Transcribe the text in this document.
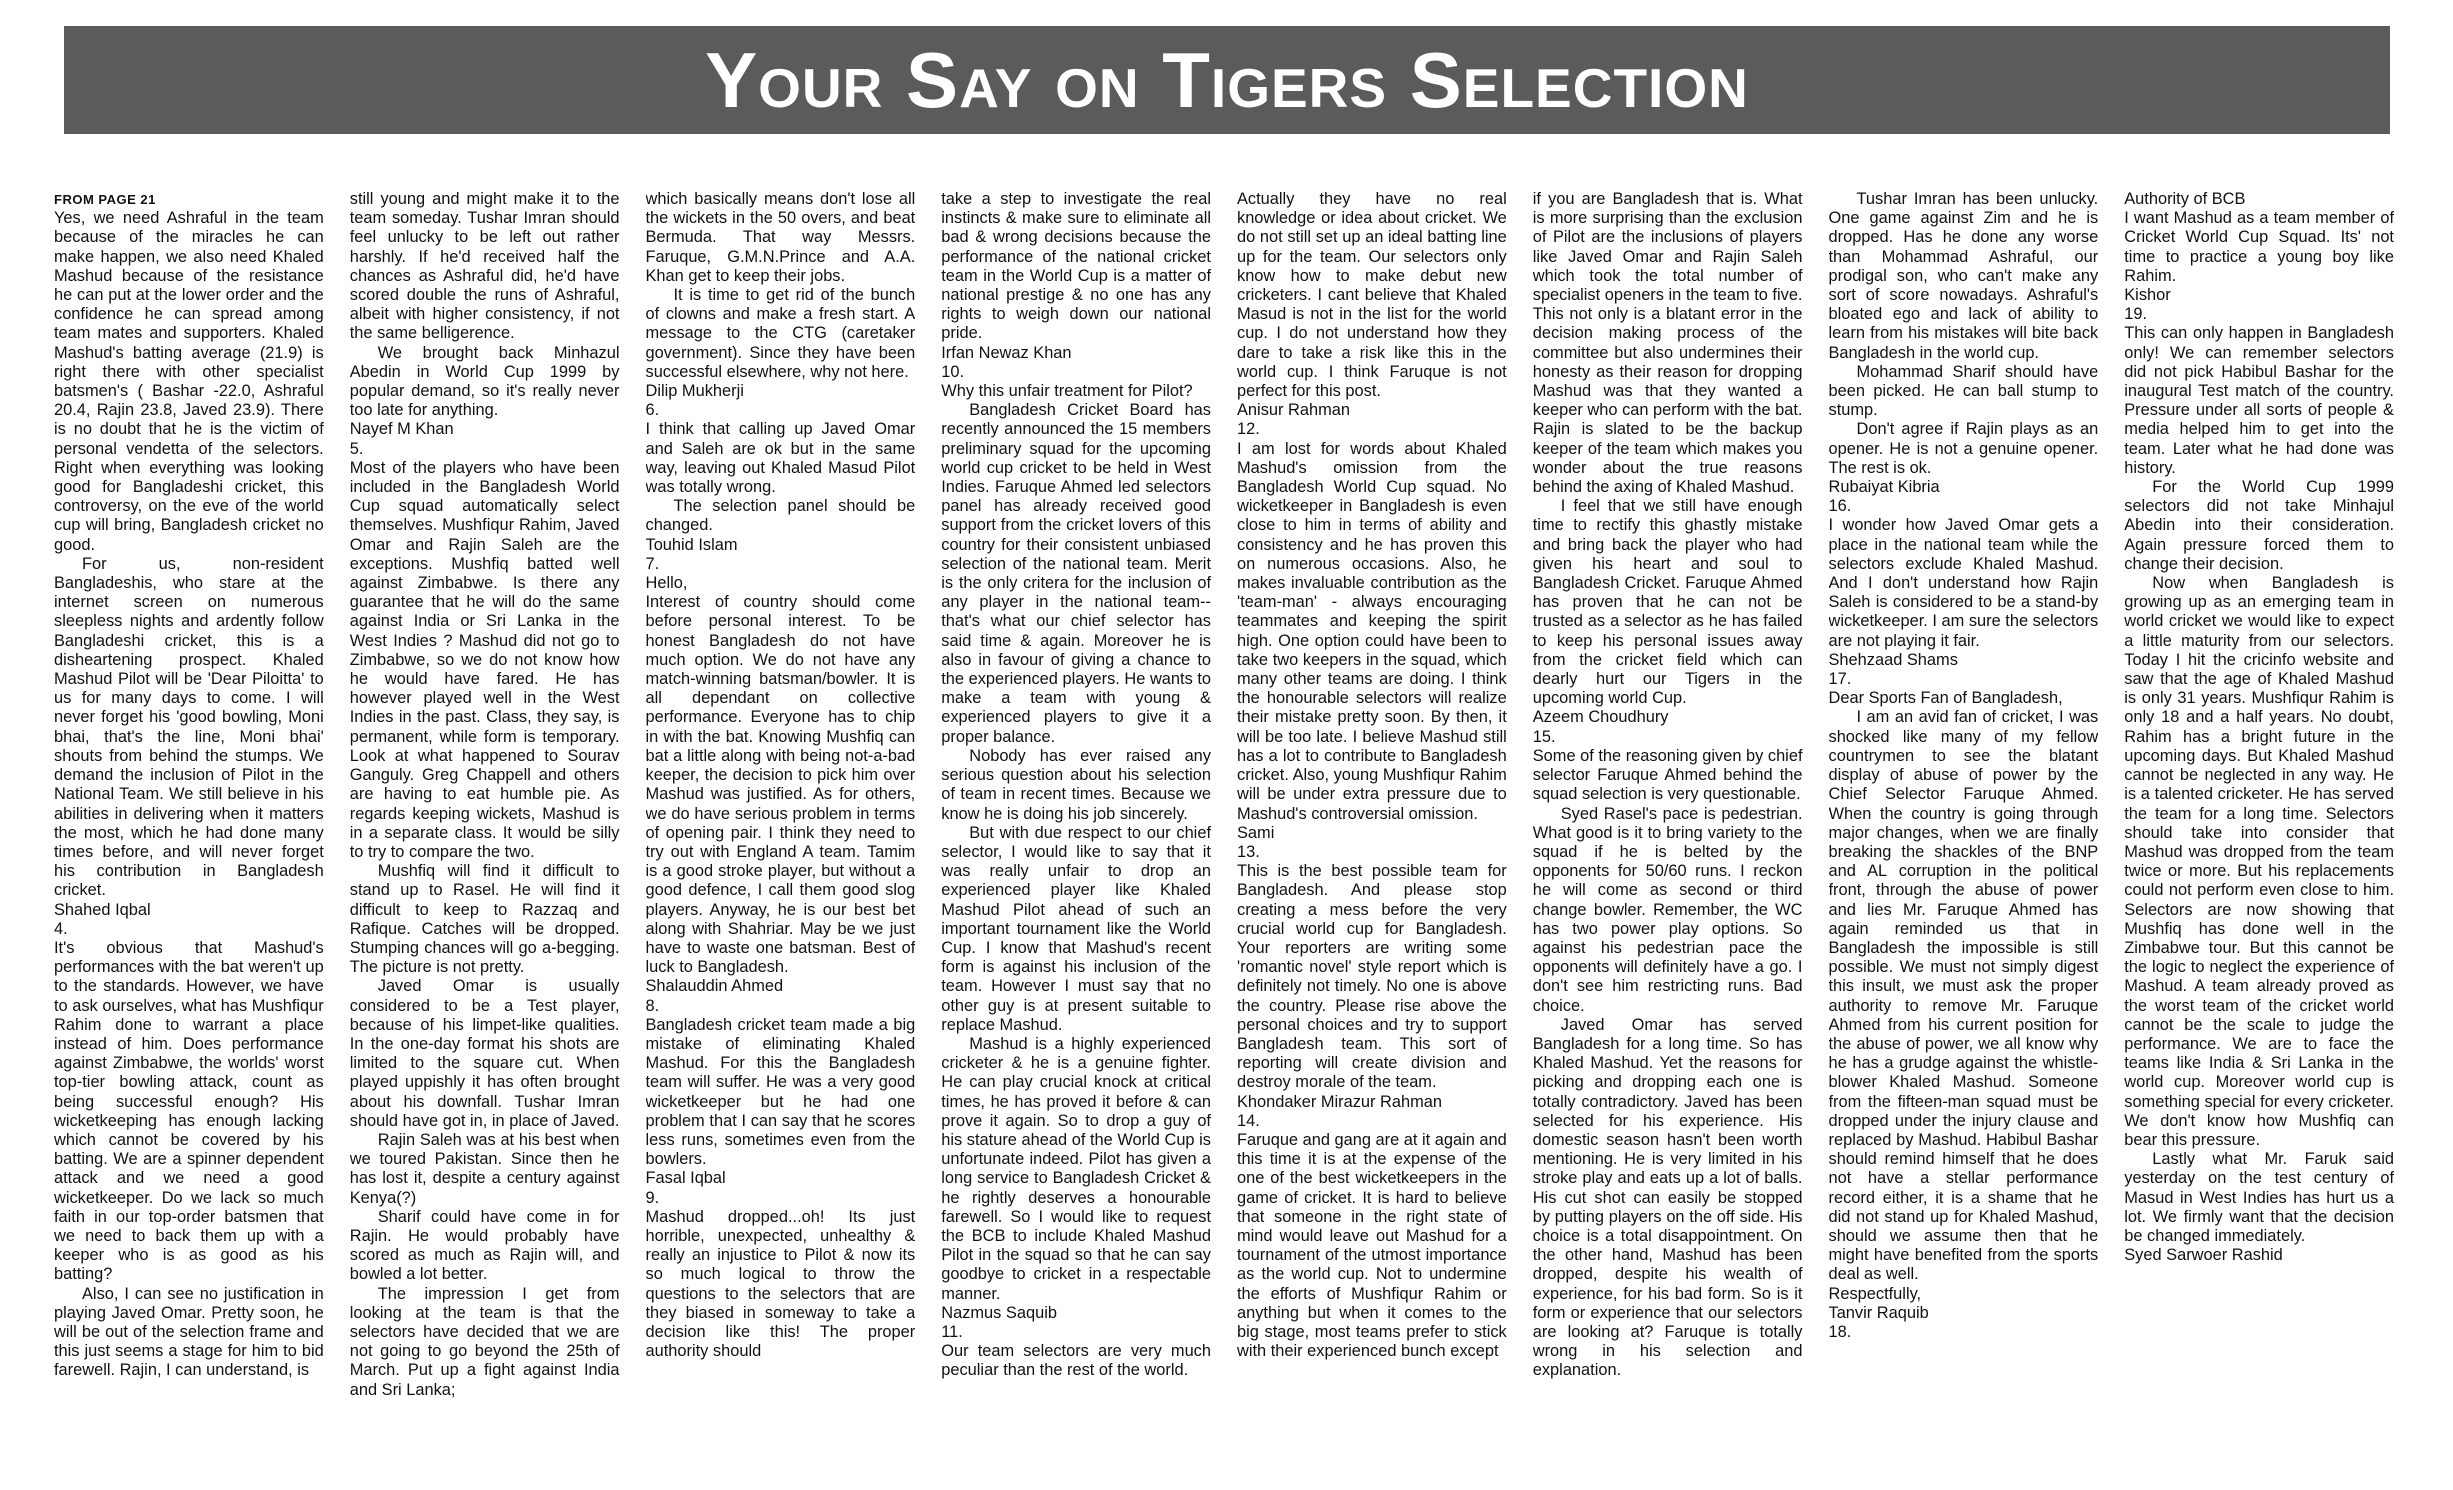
Your Say on Tigers Selection

FROM PAGE 21

Yes, we need Ashraful in the team because of the miracles he can make happen, we also need Khaled Mashud because of the resistance he can put at the lower order and the confidence he can spread among team mates and supporters. Khaled Mashud's batting average (21.9) is right there with other specialist batsmen's ( Bashar -22.0, Ashraful 20.4, Rajin 23.8, Javed 23.9). There is no doubt that he is the victim of personal vendetta of the selectors. Right when everything was looking good for Bangladeshi cricket, this controversy, on the eve of the world cup will bring, Bangladesh cricket no good.

For us, non-resident Bangladeshis, who stare at the internet screen on numerous sleepless nights and ardently follow Bangladeshi cricket, this is a disheartening prospect. Khaled Mashud Pilot will be 'Dear Piloitta' to us for many days to come. I will never forget his 'good bowling, Moni bhai, that's the line, Moni bhai' shouts from behind the stumps. We demand the inclusion of Pilot in the National Team. We still believe in his abilities in delivering when it matters the most, which he had done many times before, and will never forget his contribution in Bangladesh cricket.

Shahed Iqbal

4.

It's obvious that Mashud's performances with the bat weren't up to the standards. However, we have to ask ourselves, what has Mushfiqur Rahim done to warrant a place instead of him. Does performance against Zimbabwe, the worlds' worst top-tier bowling attack, count as being successful enough? His wicketkeeping has enough lacking which cannot be covered by his batting. We are a spinner dependent attack and we need a good wicketkeeper. Do we lack so much faith in our top-order batsmen that we need to back them up with a keeper who is as good as his batting?

Also, I can see no justification in playing Javed Omar. Pretty soon, he will be out of the selection frame and this just seems a stage for him to bid farewell. Rajin, I can understand, is

still young and might make it to the team someday. Tushar Imran should feel unlucky to be left out rather harshly. If he'd received half the chances as Ashraful did, he'd have scored double the runs of Ashraful, albeit with higher consistency, if not the same belligerence.

We brought back Minhazul Abedin in World Cup 1999 by popular demand, so it's really never too late for anything.

Nayef M Khan

5.

Most of the players who have been included in the Bangladesh World Cup squad automatically select themselves. Mushfiqur Rahim, Javed Omar and Rajin Saleh are the exceptions. Mushfiq batted well against Zimbabwe. Is there any guarantee that he will do the same against India or Sri Lanka in the West Indies ? Mashud did not go to Zimbabwe, so we do not know how he would have fared. He has however played well in the West Indies in the past. Class, they say, is permanent, while form is temporary. Look at what happened to Sourav Ganguly. Greg Chappell and others are having to eat humble pie. As regards keeping wickets, Mashud is in a separate class. It would be silly to try to compare the two.

Mushfiq will find it difficult to stand up to Rasel. He will find it difficult to keep to Razzaq and Rafique. Catches will be dropped. Stumping chances will go a-begging. The picture is not pretty.

Javed Omar is usually considered to be a Test player, because of his limpet-like qualities. In the one-day format his shots are limited to the square cut. When played uppishly it has often brought about his downfall. Tushar Imran should have got in, in place of Javed.

Rajin Saleh was at his best when we toured Pakistan. Since then he has lost it, despite a century against Kenya(?)

Sharif could have come in for Rajin. He would probably have scored as much as Rajin will, and bowled a lot better.

The impression I get from looking at the team is that the selectors have decided that we are not going to go beyond the 25th of March. Put up a fight against India and Sri Lanka;

which basically means don't lose all the wickets in the 50 overs, and beat Bermuda. That way Messrs. Faruque, G.M.N.Prince and A.A. Khan get to keep their jobs.

It is time to get rid of the bunch of clowns and make a fresh start. A message to the CTG (caretaker government). Since they have been successful elsewhere, why not here.

Dilip Mukherji

6.

I think that calling up Javed Omar and Saleh are ok but in the same way, leaving out Khaled Masud Pilot was totally wrong.

The selection panel should be changed.

Touhid Islam

7.

Hello,

Interest of country should come before personal interest. To be honest Bangladesh do not have much option. We do not have any match-winning batsman/bowler. It is all dependant on collective performance. Everyone has to chip in with the bat. Knowing Mushfiq can bat a little along with being not-a-bad keeper, the decision to pick him over Mashud was justified. As for others, we do have serious problem in terms of opening pair. I think they need to try out with England A team. Tamim is a good stroke player, but without a good defence, I call them good slog players. Anyway, he is our best bet along with Shahriar. May be we just have to waste one batsman. Best of luck to Bangladesh.

Shalauddin Ahmed

8.

Bangladesh cricket team made a big mistake of eliminating Khaled Mashud. For this the Bangladesh team will suffer. He was a very good wicketkeeper but he had one problem that I can say that he scores less runs, sometimes even from the bowlers.

Fasal Iqbal

9.

Mashud dropped...oh! Its just horrible, unexpected, unhealthy & really an injustice to Pilot & now its so much logical to throw the questions to the selectors that are they biased in someway to take a decision like this! The proper authority should

take a step to investigate the real instincts & make sure to eliminate all bad & wrong decisions because the performance of the national cricket team in the World Cup is a matter of national prestige & no one has any rights to weigh down our national pride.

Irfan Newaz Khan

10.

Why this unfair treatment for Pilot?

Bangladesh Cricket Board has recently announced the 15 members preliminary squad for the upcoming world cup cricket to be held in West Indies. Faruque Ahmed led selectors panel has already received good support from the cricket lovers of this country for their consistent unbiased selection of the national team. Merit is the only critera for the inclusion of any player in the national team--that's what our chief selector has said time & again. Moreover he is also in favour of giving a chance to the experienced players. He wants to make a team with young & experienced players to give it a proper balance.

Nobody has ever raised any serious question about his selection of team in recent times. Because we know he is doing his job sincerely.

But with due respect to our chief selector, I would like to say that it was really unfair to drop an experienced player like Khaled Mashud Pilot ahead of such an important tournament like the World Cup. I know that Mashud's recent form is against his inclusion of the team. However I must say that no other guy is at present suitable to replace Mashud.

Mashud is a highly experienced cricketer & he is a genuine fighter. He can play crucial knock at critical times, he has proved it before & can prove it again. So to drop a guy of his stature ahead of the World Cup is unfortunate indeed. Pilot has given a long service to Bangladesh Cricket & he rightly deserves a honourable farewell. So I would like to request the BCB to include Khaled Mashud Pilot in the squad so that he can say goodbye to cricket in a respectable manner.

Nazmus Saquib

11.

Our team selectors are very much peculiar than the rest of the world.

Actually they have no real knowledge or idea about cricket. We do not still set up an ideal batting line up for the team. Our selectors only know how to make debut new cricketers. I cant believe that Khaled Masud is not in the list for the world cup. I do not understand how they dare to take a risk like this in the world cup. I think Faruque is not perfect for this post.

Anisur Rahman

12.

I am lost for words about Khaled Mashud's omission from the Bangladesh World Cup squad. No wicketkeeper in Bangladesh is even close to him in terms of ability and consistency and he has proven this on numerous occasions. Also, he makes invaluable contribution as the 'team-man' - always encouraging teammates and keeping the spirit high. One option could have been to take two keepers in the squad, which many other teams are doing. I think the honourable selectors will realize their mistake pretty soon. By then, it will be too late. I believe Mashud still has a lot to contribute to Bangladesh cricket. Also, young Mushfiqur Rahim will be under extra pressure due to Mashud's controversial omission.

Sami

13.

This is the best possible team for Bangladesh. And please stop creating a mess before the very crucial world cup for Bangladesh. Your reporters are writing some 'romantic novel' style report which is definitely not timely. No one is above the country. Please rise above the personal choices and try to support Bangladesh team. This sort of reporting will create division and destroy morale of the team.

Khondaker Mirazur Rahman

14.

Faruque and gang are at it again and this time it is at the expense of the one of the best wicketkeepers in the game of cricket. It is hard to believe that someone in the right state of mind would leave out Mashud for a tournament of the utmost importance as the world cup. Not to undermine the efforts of Mushfiqur Rahim or anything but when it comes to the big stage, most teams prefer to stick with their experienced bunch except

if you are Bangladesh that is. What is more surprising than the exclusion of Pilot are the inclusions of players like Javed Omar and Rajin Saleh which took the total number of specialist openers in the team to five. This not only is a blatant error in the decision making process of the committee but also undermines their honesty as their reason for dropping Mashud was that they wanted a keeper who can perform with the bat. Rajin is slated to be the backup keeper of the team which makes you wonder about the true reasons behind the axing of Khaled Mashud.

I feel that we still have enough time to rectify this ghastly mistake and bring back the player who had given his heart and soul to Bangladesh Cricket. Faruque Ahmed has proven that he can not be trusted as a selector as he has failed to keep his personal issues away from the cricket field which can dearly hurt our Tigers in the upcoming world Cup.

Azeem Choudhury

15.

Some of the reasoning given by chief selector Faruque Ahmed behind the squad selection is very questionable.

Syed Rasel's pace is pedestrian. What good is it to bring variety to the squad if he is belted by the opponents for 50/60 runs. I reckon he will come as second or third change bowler. Remember, the WC has two power play options. So against his pedestrian pace the opponents will definitely have a go. I don't see him restricting runs. Bad choice.

Javed Omar has served Bangladesh for a long time. So has Khaled Mashud. Yet the reasons for picking and dropping each one is totally contradictory. Javed has been selected for his experience. His domestic season hasn't been worth mentioning. He is very limited in his stroke play and eats up a lot of balls. His cut shot can easily be stopped by putting players on the off side. His choice is a total disappointment. On the other hand, Mashud has been dropped, despite his wealth of experience, for his bad form. So is it form or experience that our selectors are looking at? Faruque is totally wrong in his selection and explanation.

Tushar Imran has been unlucky. One game against Zim and he is dropped. Has he done any worse than Mohammad Ashraful, our prodigal son, who can't make any sort of score nowadays. Ashraful's bloated ego and lack of ability to learn from his mistakes will bite back Bangladesh in the world cup.

Mohammad Sharif should have been picked. He can ball stump to stump.

Don't agree if Rajin plays as an opener. He is not a genuine opener. The rest is ok.

Rubaiyat Kibria

16.

I wonder how Javed Omar gets a place in the national team while the selectors exclude Khaled Mashud. And I don't understand how Rajin Saleh is considered to be a stand-by wicketkeeper. I am sure the selectors are not playing it fair.

Shehzaad Shams

17.

Dear Sports Fan of Bangladesh,

I am an avid fan of cricket, I was shocked like many of my fellow countrymen to see the blatant display of abuse of power by the Chief Selector Faruque Ahmed. When the country is going through major changes, when we are finally breaking the shackles of the BNP and AL corruption in the political front, through the abuse of power and lies Mr. Faruque Ahmed has again reminded us that in Bangladesh the impossible is still possible. We must not simply digest this insult, we must ask the proper authority to remove Mr. Faruque Ahmed from his current position for the abuse of power, we all know why he has a grudge against the whistle-blower Khaled Mashud. Someone from the fifteen-man squad must be dropped under the injury clause and replaced by Mashud. Habibul Bashar should remind himself that he does not have a stellar performance record either, it is a shame that he did not stand up for Khaled Mashud, should we assume then that he might have benefited from the sports deal as well.

Respectfully,

Tanvir Raquib

18.

Authority of BCB

I want Mashud as a team member of Cricket World Cup Squad. Its' not time to practice a young boy like Rahim.

Kishor

19.

This can only happen in Bangladesh only! We can remember selectors did not pick Habibul Bashar for the inaugural Test match of the country. Pressure under all sorts of people & media helped him to get into the team. Later what he had done was history.

For the World Cup 1999 selectors did not take Minhajul Abedin into their consideration. Again pressure forced them to change their decision.

Now when Bangladesh is growing up as an emerging team in world cricket we would like to expect a little maturity from our selectors. Today I hit the cricinfo website and saw that the age of Khaled Mashud is only 31 years. Mushfiqur Rahim is only 18 and a half years. No doubt, Rahim has a bright future in the upcoming days. But Khaled Mashud cannot be neglected in any way. He is a talented cricketer. He has served the team for a long time. Selectors should take into consider that Mashud was dropped from the team twice or more. But his replacements could not perform even close to him. Selectors are now showing that Mushfiq has done well in the Zimbabwe tour. But this cannot be the logic to neglect the experience of Mashud. A team already proved as the worst team of the cricket world cannot be the scale to judge the performance. We are to face the teams like India & Sri Lanka in the world cup. Moreover world cup is something special for every cricketer. We don't know how Mushfiq can bear this pressure.

Lastly what Mr. Faruk said yesterday on the test century of Masud in West Indies has hurt us a lot. We firmly want that the decision be changed immediately.

Syed Sarwoer Rashid
